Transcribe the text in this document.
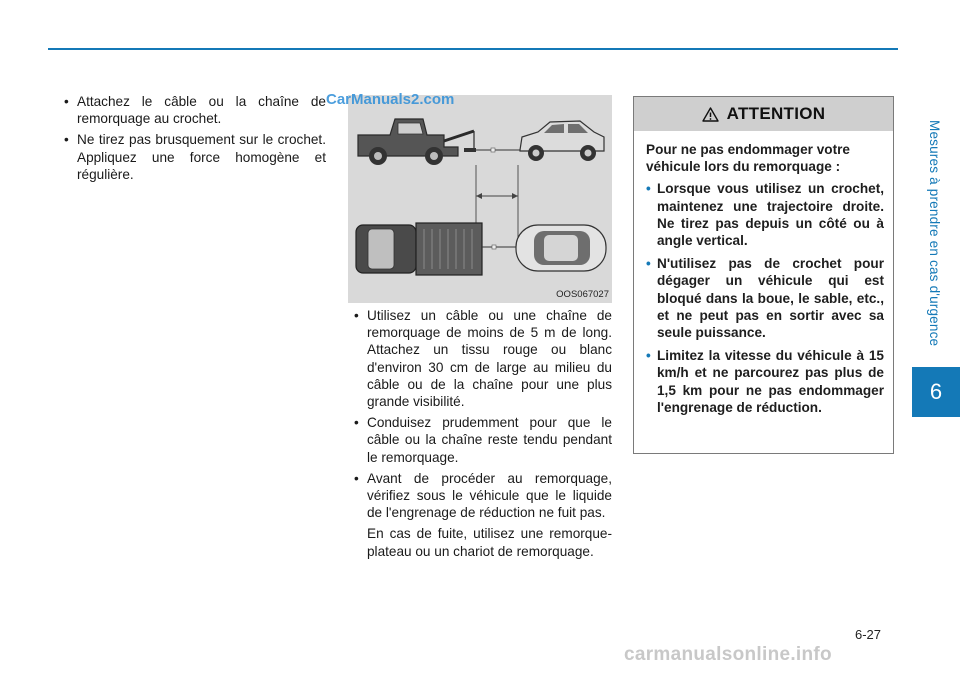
Mesures à prendre en cas d'urgence
6
6-27
• Attachez le câble ou la chaîne de remorquage au crochet.
• Ne tirez pas brusquement sur le crochet. Appliquez une force homogène et régulière.
OOS067027
CarManuals2.com
• Utilisez un câble ou une chaîne de remorquage de moins de 5 m de long. Attachez un tissu rouge ou blanc d'environ 30 cm de large au milieu du câble ou de la chaîne pour une plus grande visibilité.
• Conduisez prudemment pour que le câble ou la chaîne reste tendu pendant le remorquage.
• Avant de procéder au remorquage, vérifiez sous le véhicule que le liquide de l'engrenage de réduction ne fuit pas.

En cas de fuite, utilisez une remorque-plateau ou un chariot de remorquage.

ATTENTION

Pour ne pas endommager votre véhicule lors du remorquage :

• Lorsque vous utilisez un crochet, maintenez une trajectoire droite. Ne tirez pas depuis un côté ou à angle vertical.
• N'utilisez pas de crochet pour dégager un véhicule qui est bloqué dans la boue, le sable, etc., et ne peut pas en sortir avec sa seule puissance.
• Limitez la vitesse du véhicule à 15 km/h et ne parcourez pas plus de 1,5 km pour ne pas endommager l'engrenage de réduction.
carmanualsonline.info
